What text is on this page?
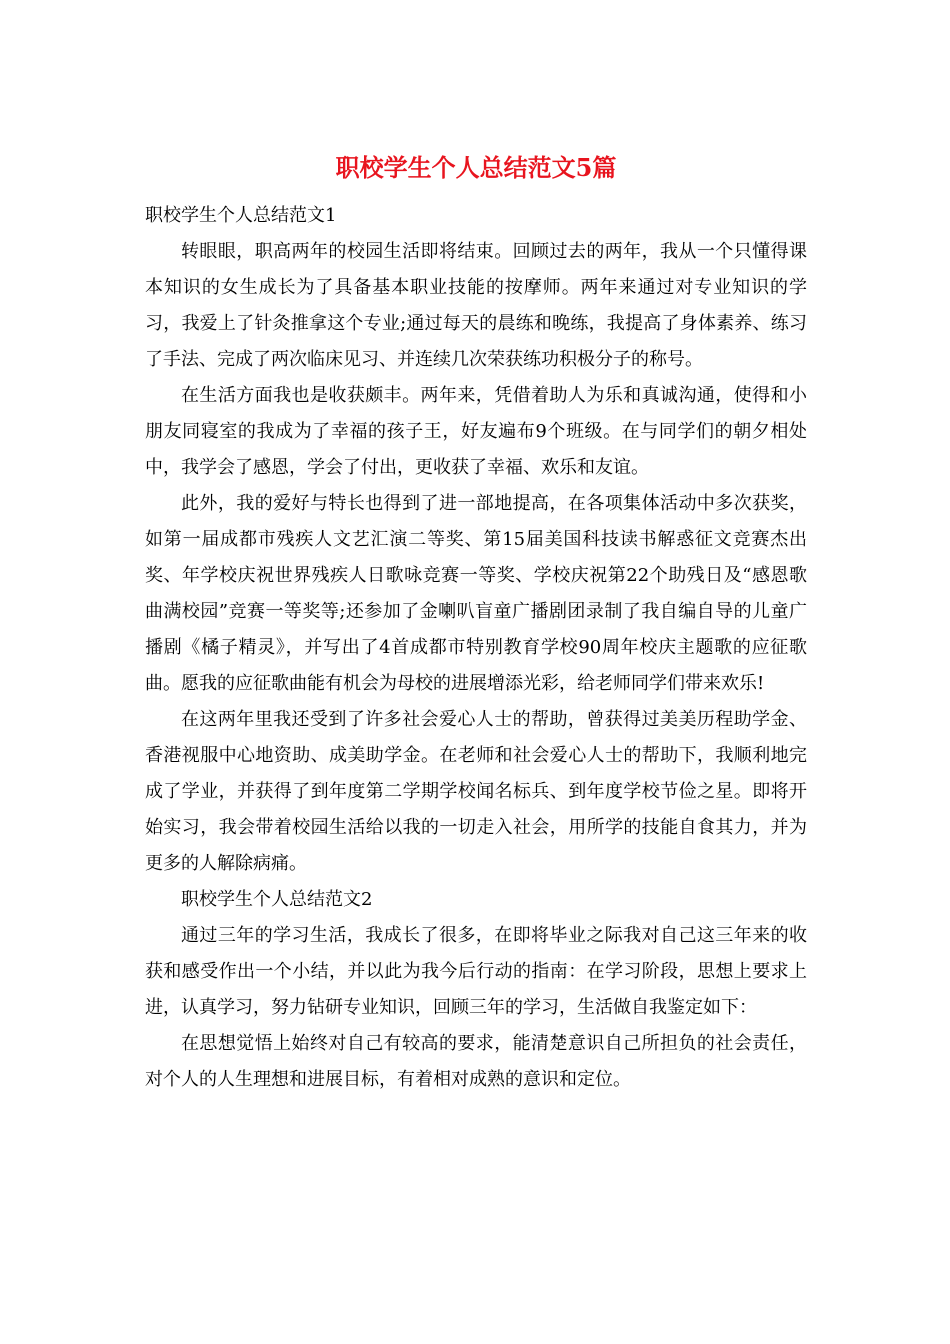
职校学生个人总结范文5篇

职校学生个人总结范文1

转眼眼，职高两年的校园生活即将结束。回顾过去的两年，我从一个只懂得课本知识的女生成长为了具备基本职业技能的按摩师。两年来通过对专业知识的学习，我爱上了针灸推拿这个专业;通过每天的晨练和晚练，我提高了身体素养、练习了手法、完成了两次临床见习、并连续几次荣获练功积极分子的称号。

在生活方面我也是收获颇丰。两年来，凭借着助人为乐和真诚沟通，使得和小朋友同寝室的我成为了幸福的孩子王，好友遍布9个班级。在与同学们的朝夕相处中，我学会了感恩，学会了付出，更收获了幸福、欢乐和友谊。

此外，我的爱好与特长也得到了进一部地提高，在各项集体活动中多次获奖，如第一届成都市残疾人文艺汇演二等奖、第15届美国科技读书解惑征文竞赛杰出奖、年学校庆祝世界残疾人日歌咏竞赛一等奖、学校庆祝第22个助残日及“感恩歌曲满校园”竞赛一等奖等;还参加了金喇叭盲童广播剧团录制了我自编自导的儿童广播剧《橘子精灵》，并写出了4首成都市特别教育学校90周年校庆主题歌的应征歌曲。愿我的应征歌曲能有机会为母校的进展增添光彩，给老师同学们带来欢乐!

在这两年里我还受到了许多社会爱心人士的帮助，曾获得过美美历程助学金、香港视服中心地资助、成美助学金。在老师和社会爱心人士的帮助下，我顺利地完成了学业，并获得了到年度第二学期学校闻名标兵、到年度学校节俭之星。即将开始实习，我会带着校园生活给以我的一切走入社会，用所学的技能自食其力，并为更多的人解除病痛。

职校学生个人总结范文2

通过三年的学习生活，我成长了很多，在即将毕业之际我对自己这三年来的收获和感受作出一个小结，并以此为我今后行动的指南：在学习阶段，思想上要求上进，认真学习，努力钻研专业知识，回顾三年的学习，生活做自我鉴定如下：

在思想觉悟上始终对自己有较高的要求，能清楚意识自己所担负的社会责任，对个人的人生理想和进展目标，有着相对成熟的意识和定位。
